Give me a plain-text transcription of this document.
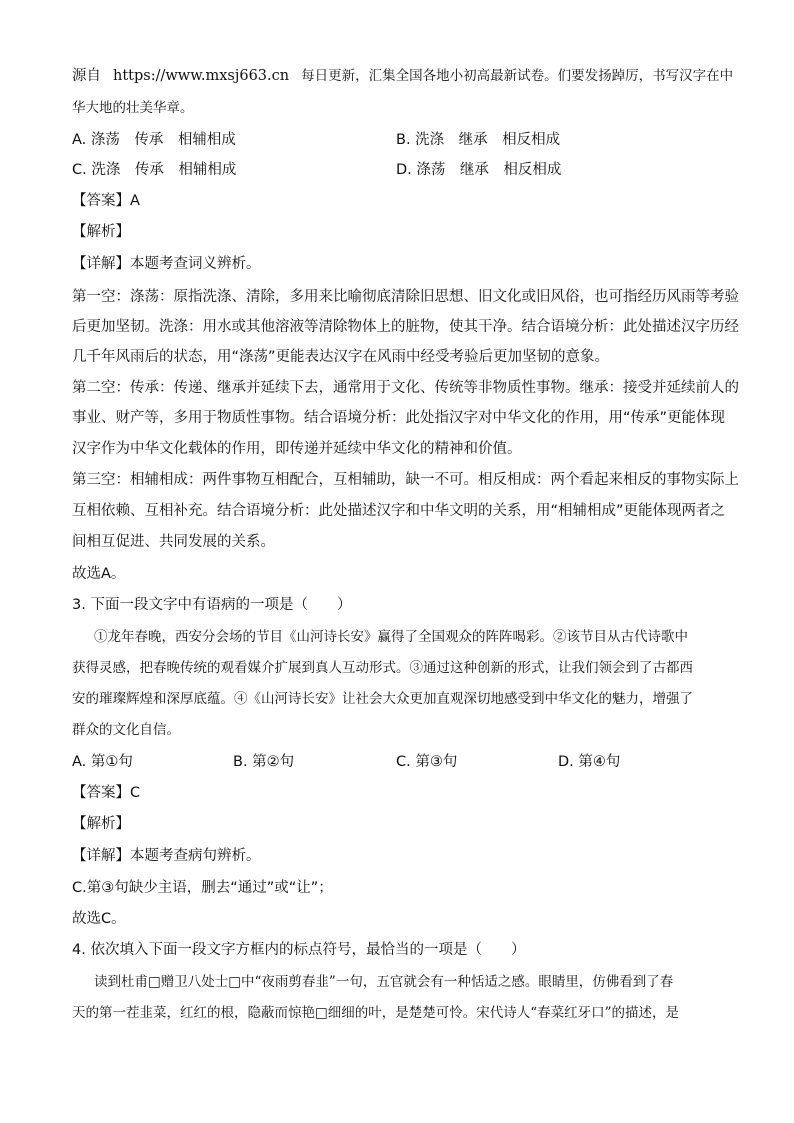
源自 https://www.mxsj663.cn 每日更新，汇集全国各地小初高最新试卷。们要发扬踔厉，书写汉字在中
华大地的壮美华章。
A. 涤荡　传承　相辅相成	B. 洗涤　继承　相反相成
C. 洗涤　传承　相辅相成	D. 涤荡　继承　相反相成
【答案】A
【解析】
【详解】本题考查词义辨析。
第一空：涤荡：原指洗涤、清除，多用来比喻彻底清除旧思想、旧文化或旧风俗，也可指经历风雨等考验
后更加坚韧。洗涤：用水或其他溶液等清除物体上的脏物，使其干净。结合语境分析：此处描述汉字历经
几千年风雨后的状态，用“涤荡”更能表达汉字在风雨中经受考验后更加坚韧的意象。
第二空：传承：传递、继承并延续下去，通常用于文化、传统等非物质性事物。继承：接受并延续前人的
事业、财产等，多用于物质性事物。结合语境分析：此处指汉字对中华文化的作用，用“传承”更能体现
汉字作为中华文化载体的作用，即传递并延续中华文化的精神和价值。
第三空：相辅相成：两件事物互相配合，互相辅助，缺一不可。相反相成：两个看起来相反的事物实际上
互相依赖、互相补充。结合语境分析：此处描述汉字和中华文明的关系，用“相辅相成”更能体现两者之
间相互促进、共同发展的关系。
故选A。
3. 下面一段文字中有语病的一项是（　　）
①龙年春晚，西安分会场的节目《山河诗长安》赢得了全国观众的阵阵喝彩。②该节目从古代诗歌中
获得灵感，把春晚传统的观看媒介扩展到真人互动形式。③通过这种创新的形式，让我们领会到了古都西
安的璀璨辉煌和深厚底蕴。④《山河诗长安》让社会大众更加直观深切地感受到中华文化的魅力，增强了
群众的文化自信。
A. 第①句	B. 第②句	C. 第③句	D. 第④句
【答案】C
【解析】
【详解】本题考查病句辨析。
C.第③句缺少主语，删去“通过”或“让”；
故选C。
4. 依次填入下面一段文字方框内的标点符号，最恰当的一项是（　　）
读到杜甫□赠卫八处士□中“夜雨剪春韭”一句，五官就会有一种恬适之感。眼睛里，仿佛看到了春
天的第一茬韭菜，红红的根，隐蔽而惊艳□细细的叶，是楚楚可怜。宋代诗人“春菜红牙口”的描述，是
